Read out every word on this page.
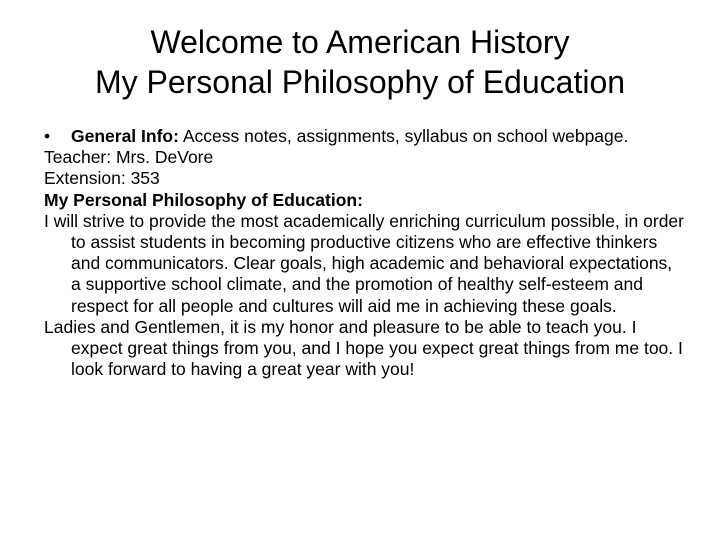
Welcome to American History
My Personal Philosophy of Education

•	General Info: Access notes, assignments, syllabus on school webpage.

Teacher: Mrs. DeVore

Extension: 353

My Personal Philosophy of Education:

I will strive to provide the most academically enriching curriculum possible, in order to assist students in becoming productive citizens who are effective thinkers and communicators. Clear goals, high academic and behavioral expectations, a supportive school climate, and the promotion of healthy self-esteem and respect for all people and cultures will aid me in achieving these goals.

Ladies and Gentlemen, it is my honor and pleasure to be able to teach you. I expect great things from you, and I hope you expect great things from me too. I look forward to having a great year with you!
